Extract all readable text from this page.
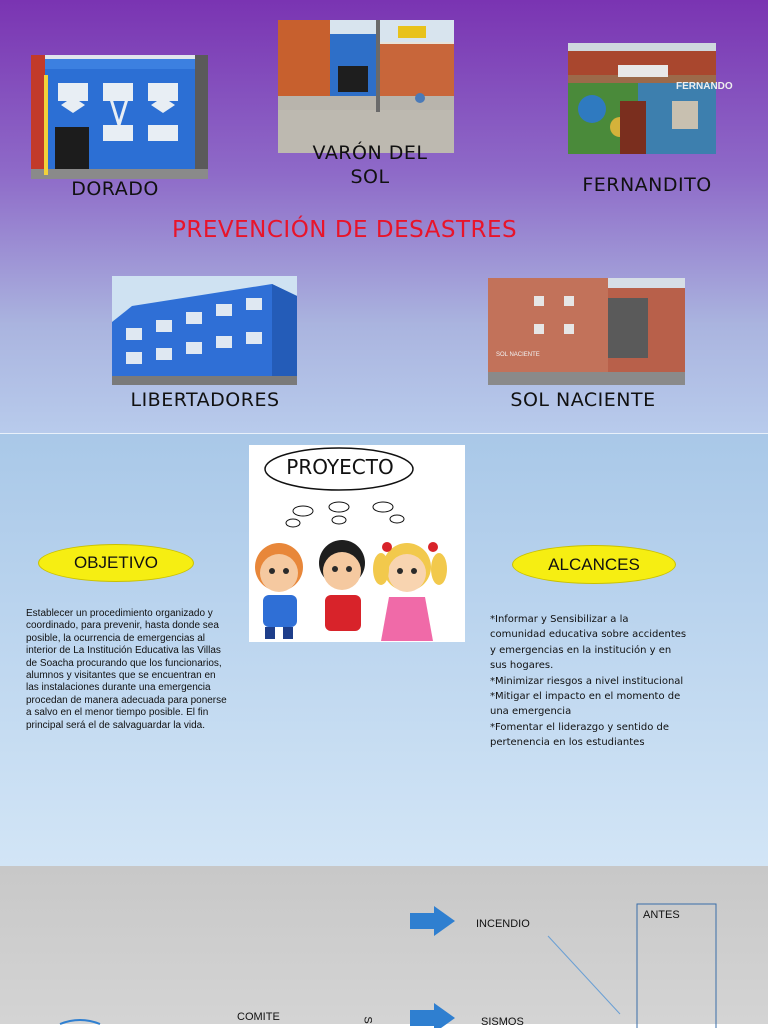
DORADO
VARÓN DEL
SOL
FERNANDO
FERNANDITO
PREVENCIÓN DE DESASTRES
LIBERTADORES
SOL NACIENTE
SOL NACIENTE
PROYECTO
OBJETIVO	ALCANCES
Establecer un procedimiento organizado y
coordinado, para prevenir, hasta donde sea
posible, la ocurrencia de emergencias al
interior de La Institución Educativa las Villas
de Soacha procurando que los funcionarios,
alumnos y visitantes que se encuentran en
las instalaciones durante una emergencia
procedan de manera adecuada para ponerse
a salvo en el menor tiempo posible. El fin
principal será el de salvaguardar la vida.
*Informar y Sensibilizar a la
comunidad educativa sobre accidentes
y emergencias en la institución y en
sus hogares.
*Minimizar riesgos a nivel institucional
*Mitigar el impacto en el momento de
una emergencia
*Fomentar el liderazgo y sentido de
pertenencia en los estudiantes
INCENDIO
SISMOS
COMITE
ANTES
S
